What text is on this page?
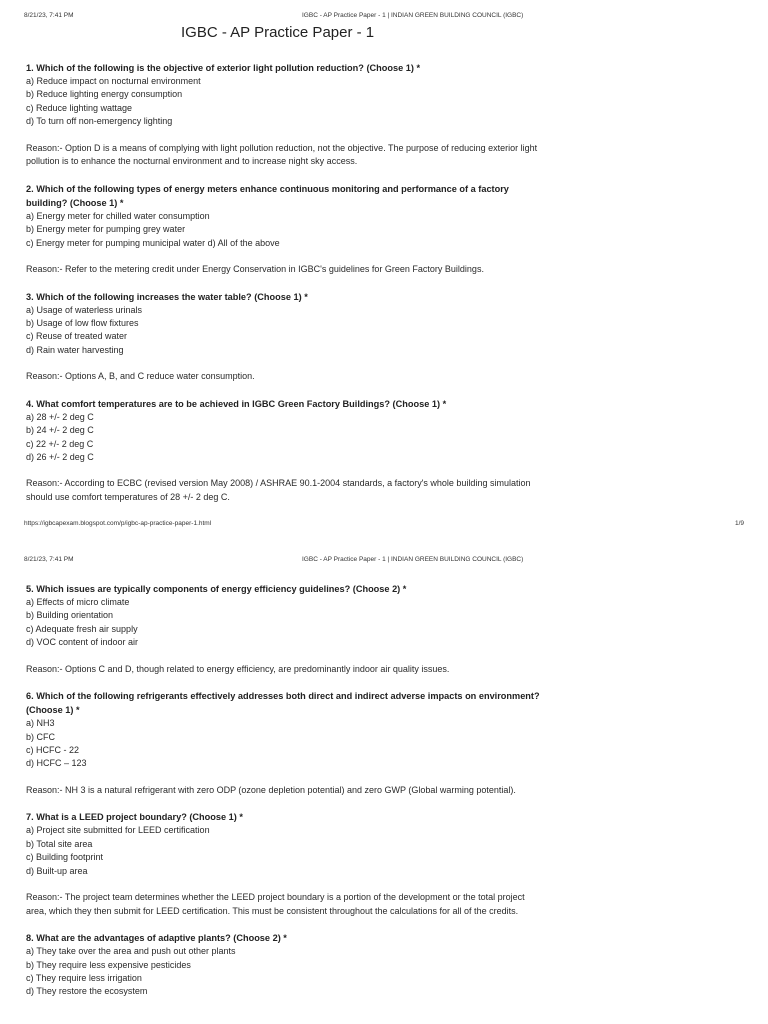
8/21/23, 7:41 PM	IGBC - AP Practice Paper - 1 | INDIAN GREEN BUILDING COUNCIL (IGBC)
IGBC - AP Practice Paper - 1
1. Which of the following is the objective of exterior light pollution reduction? (Choose 1) *
a) Reduce impact on nocturnal environment
b) Reduce lighting energy consumption
c) Reduce lighting wattage
d) To turn off non-emergency lighting
Reason:- Option D is a means of complying with light pollution reduction, not the objective. The purpose of reducing exterior light pollution is to enhance the nocturnal environment and to increase night sky access.
2. Which of the following types of energy meters enhance continuous monitoring and performance of a factory building? (Choose 1) *
a) Energy meter for chilled water consumption
b) Energy meter for pumping grey water
c) Energy meter for pumping municipal water d) All of the above
Reason:- Refer to the metering credit under Energy Conservation in IGBC's guidelines for Green Factory Buildings.
3. Which of the following increases the water table? (Choose 1) *
a) Usage of waterless urinals
b) Usage of low flow fixtures
c) Reuse of treated water
d) Rain water harvesting
Reason:- Options A, B, and C reduce water consumption.
4. What comfort temperatures are to be achieved in IGBC Green Factory Buildings? (Choose 1) *
a) 28 +/- 2 deg C
b) 24 +/- 2 deg C
c) 22 +/- 2 deg C
d) 26 +/- 2 deg C
Reason:- According to ECBC (revised version May 2008) / ASHRAE 90.1-2004 standards, a factory's whole building simulation should use comfort temperatures of 28 +/- 2 deg C.
https://igbcapexam.blogspot.com/p/igbc-ap-practice-paper-1.html	1/9
8/21/23, 7:41 PM	IGBC - AP Practice Paper - 1 | INDIAN GREEN BUILDING COUNCIL (IGBC)
5. Which issues are typically components of energy efficiency guidelines? (Choose 2) *
a) Effects of micro climate
b) Building orientation
c) Adequate fresh air supply
d) VOC content of indoor air
Reason:- Options C and D, though related to energy efficiency, are predominantly indoor air quality issues.
6. Which of the following refrigerants effectively addresses both direct and indirect adverse impacts on environment? (Choose 1) *
a) NH3
b) CFC
c) HCFC - 22
d) HCFC – 123
Reason:- NH 3 is a natural refrigerant with zero ODP (ozone depletion potential) and zero GWP (Global warming potential).
7. What is a LEED project boundary? (Choose 1) *
a) Project site submitted for LEED certification
b) Total site area
c) Building footprint
d) Built-up area
Reason:- The project team determines whether the LEED project boundary is a portion of the development or the total project area, which they then submit for LEED certification. This must be consistent throughout the calculations for all of the credits.
8. What are the advantages of adaptive plants? (Choose 2) *
a) They take over the area and push out other plants
b) They require less expensive pesticides
c) They require less irrigation
d) They restore the ecosystem
